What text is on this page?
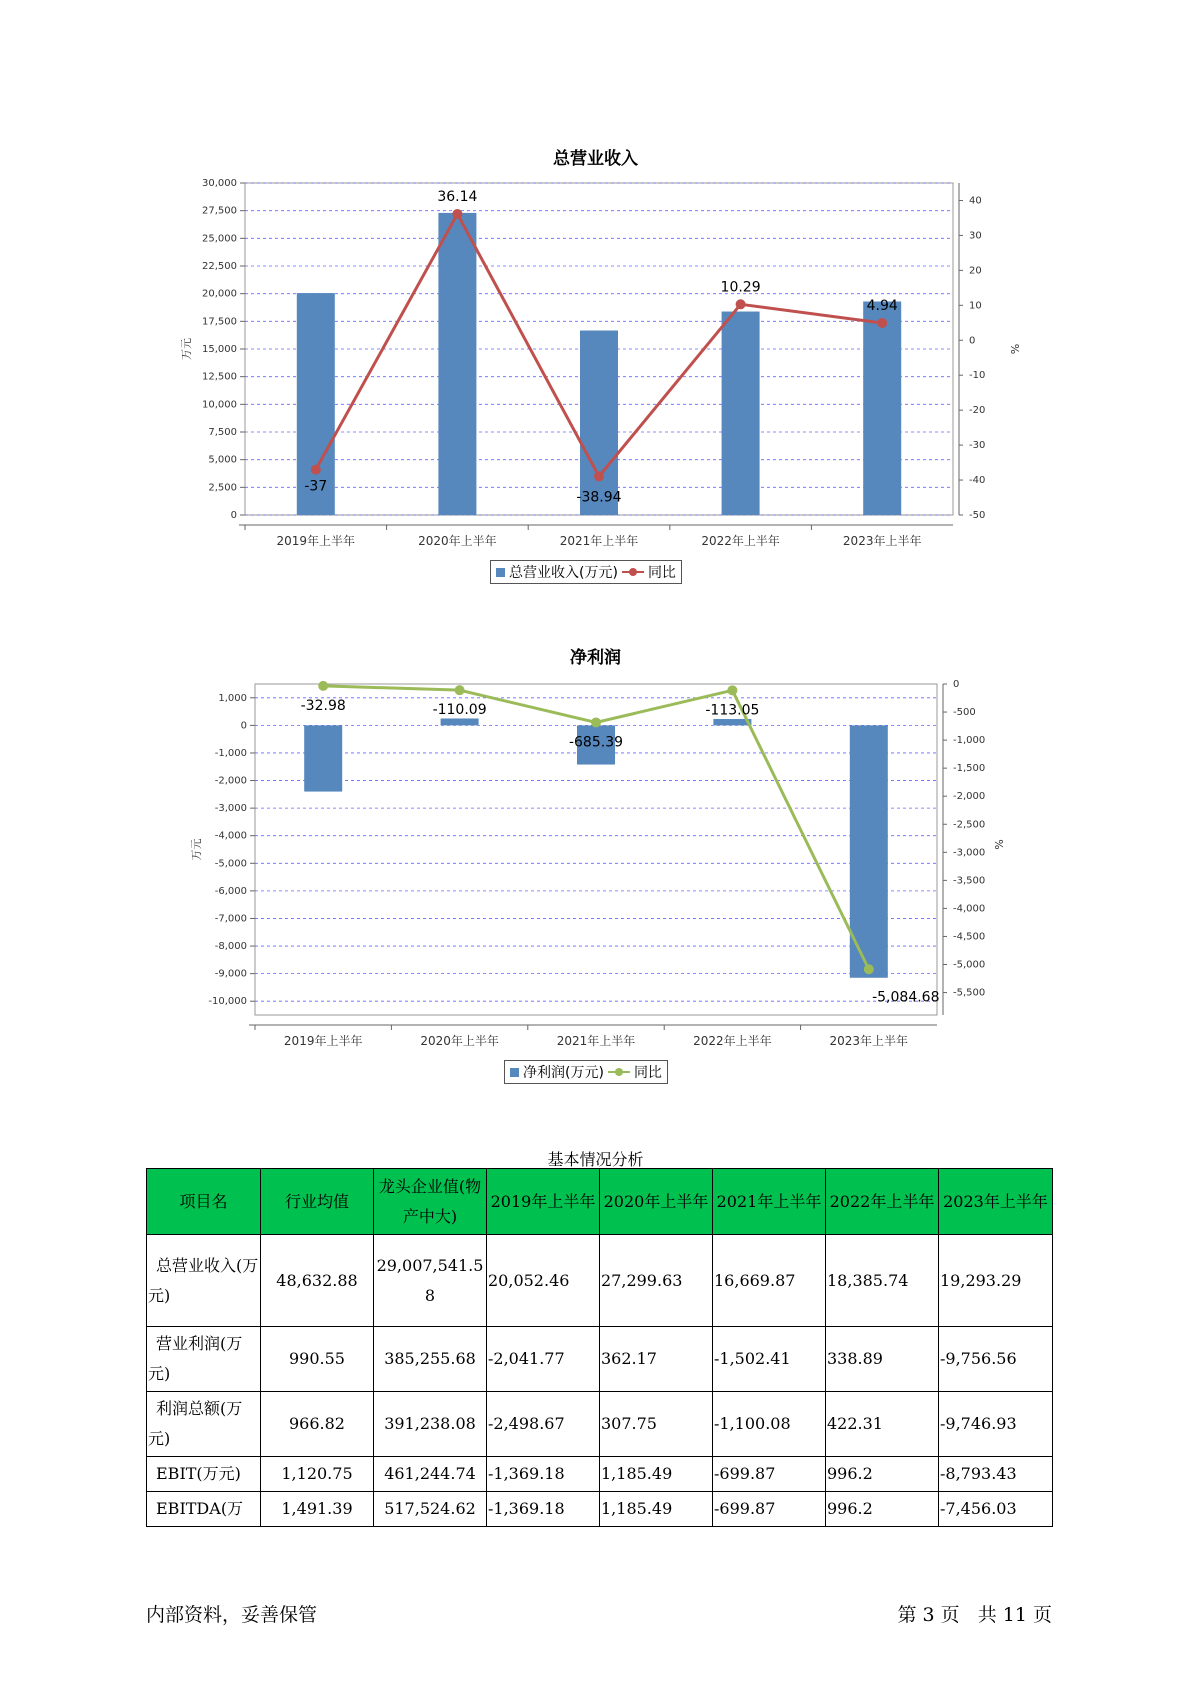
总营业收入
0
2,500
5,000
7,500
10,000
12,500
15,000
17,500
20,000
22,500
25,000
27,500
30,000
-50
-40
-30
-20
-10
0
10
20
30
40
万元	%
2019年上半年	2020年上半年	2021年上半年	2022年上半年	2023年上半年
-37
36.14
-38.94
10.29
4.94
总营业收入(万元) 同比
净利润
-10,000
-9,000
-8,000
-7,000
-6,000
-5,000
-4,000
-3,000
-2,000
-1,000
0
1,000
-5,500
-5,000
-4,500
-4,000
-3,500
-3,000
-2,500
-2,000
-1,500
-1,000
-500
0
万元	%
2019年上半年	2020年上半年	2021年上半年	2022年上半年	2023年上半年
-32.98	-110.09
-685.39
-113.05
-5,084.68
净利润(万元) 同比
基本情况分析
项目名	行业均值	龙头企业值(物产中大)	2019年上半年	2020年上半年	2021年上半年	2022年上半年	2023年上半年
总营业收入(万元)	48,632.88	29,007,541.58	20,052.46	27,299.63	16,669.87	18,385.74	19,293.29
营业利润(万元)	990.55	385,255.68	-2,041.77	362.17	-1,502.41	338.89	-9,756.56
利润总额(万元)	966.82	391,238.08	-2,498.67	307.75	-1,100.08	422.31	-9,746.93
EBIT(万元)	1,120.75	461,244.74	-1,369.18	1,185.49	-699.87	996.2	-8,793.43
EBITDA(万	1,491.39	517,524.62	-1,369.18	1,185.49	-699.87	996.2	-7,456.03
内部资料，妥善保管	第 3 页   共 11 页
